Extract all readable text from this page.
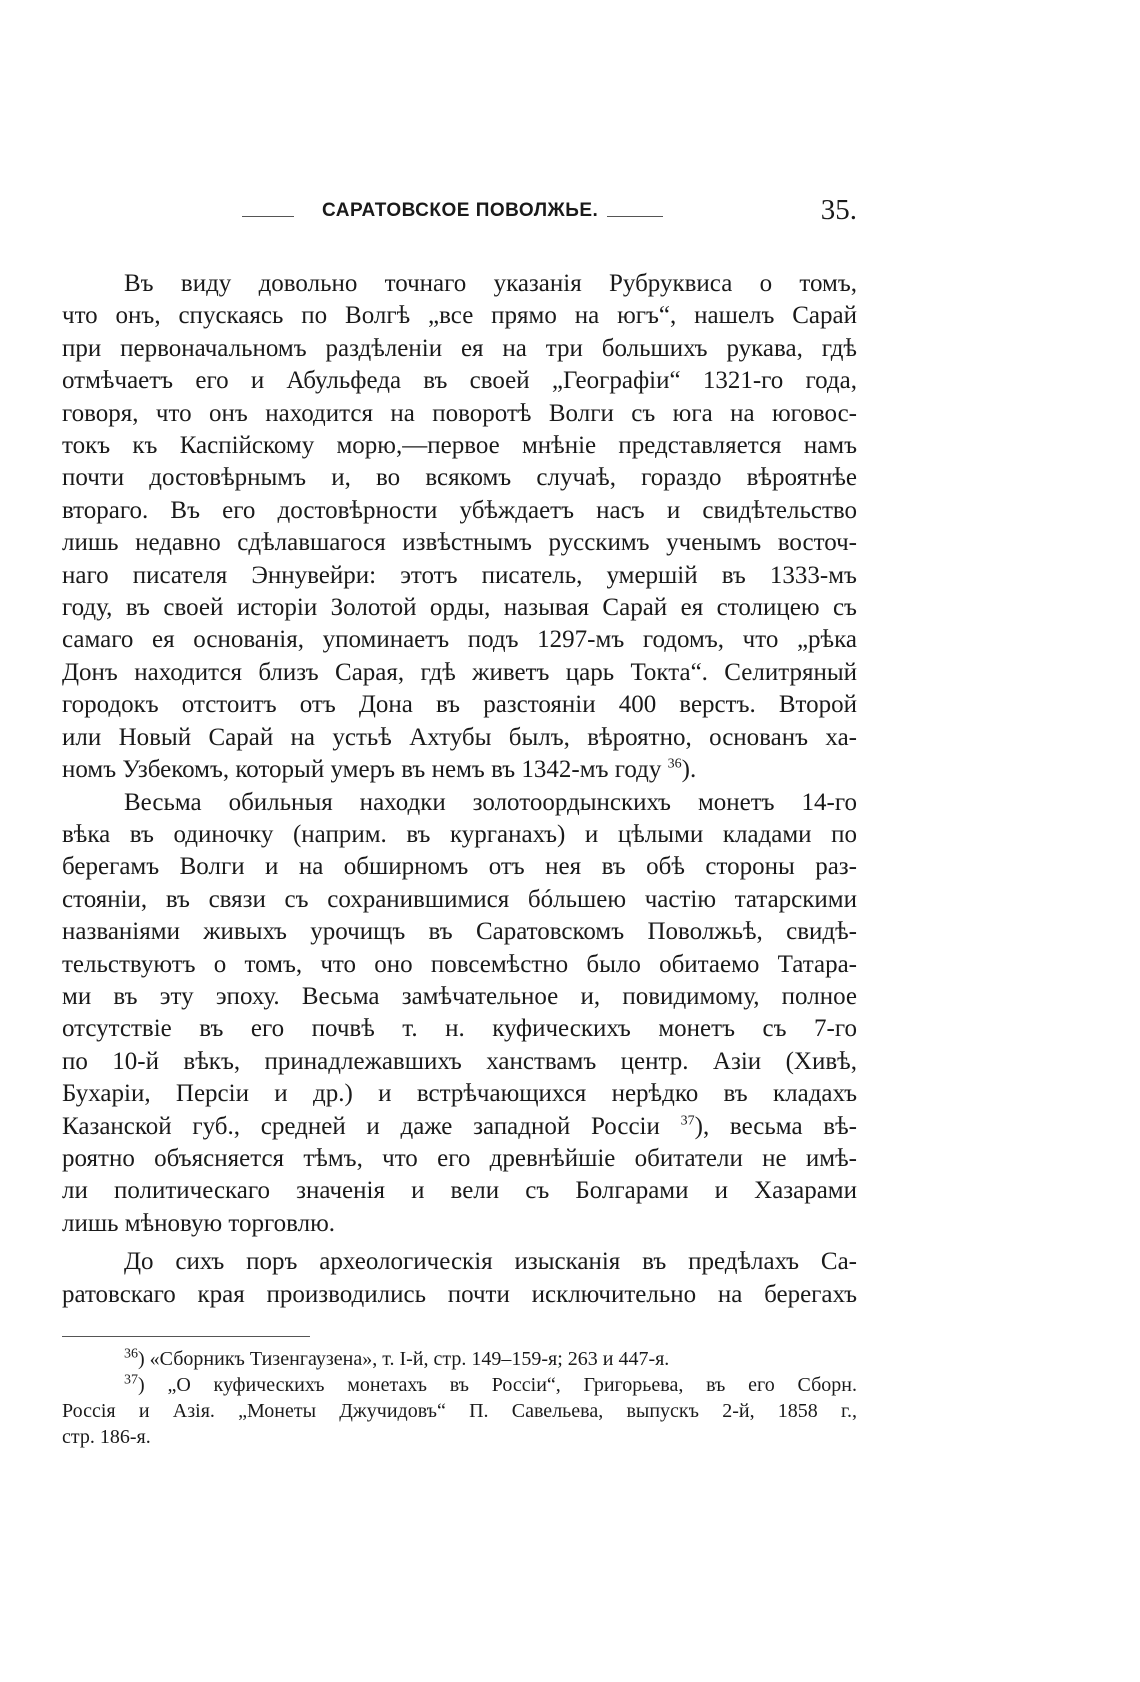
САРАТОВСКОЕ ПОВОЛЖЬЕ.	35.
Въ виду довольно точнаго указанія Рубруквиса о томъ,
что онъ, спускаясь по Волгѣ „все прямо на югъ“, нашелъ Сарай
при первоначальномъ раздѣленіи ея на три большихъ рукава, гдѣ
отмѣчаетъ его и Абульфеда въ своей „Географіи“ 1321-го года,
говоря, что онъ находится на поворотѣ Волги съ юга на юговос-
токъ къ Каспійскому морю,—первое мнѣніе представляется намъ
почти достовѣрнымъ и, во всякомъ случаѣ, гораздо вѣроятнѣе
втораго. Въ его достовѣрности убѣждаетъ насъ и свидѣтельство
лишь недавно сдѣлавшагося извѣстнымъ русскимъ ученымъ восточ-
наго писателя Эннувейри: этотъ писатель, умершій въ 1333-мъ
году, въ своей исторіи Золотой орды, называя Сарай ея столицею съ
самаго ея основанія, упоминаетъ подъ 1297-мъ годомъ, что „рѣка
Донъ находится близъ Сарая, гдѣ живетъ царь Токта“. Селитряный
городокъ отстоитъ отъ Дона въ разстояніи 400 верстъ. Второй
или Новый Сарай на устьѣ Ахтубы былъ, вѣроятно, основанъ ха-
номъ Узбекомъ, который умеръ въ немъ въ 1342-мъ году $^{36}$).
Весьма обильныя находки золотоордынскихъ монетъ 14-го
вѣка въ одиночку (наприм. въ курганахъ) и цѣлыми кладами по
берегамъ Волги и на обширномъ отъ нея въ обѣ стороны раз-
стояніи, въ связи съ сохранившимися бóльшею частію татарскими
названіями живыхъ урочищъ въ Саратовскомъ Поволжьѣ, свидѣ-
тельствуютъ о томъ, что оно повсемѣстно было обитаемо Татара-
ми въ эту эпоху. Весьма замѣчательное и, повидимому, полное
отсутствіе въ его почвѣ т. н. куфическихъ монетъ съ 7-го
по 10-й вѣкъ, принадлежавшихъ ханствамъ центр. Азіи (Хивѣ,
Бухаріи, Персіи и др.) и встрѣчающихся нерѣдко въ кладахъ
Казанской губ., средней и даже западной Россіи $^{37}$), весьма вѣ-
роятно объясняется тѣмъ, что его древнѣйшіе обитатели не имѣ-
ли политическаго значенія и вели съ Болгарами и Хазарами
лишь мѣновую торговлю.
До сихъ поръ археологическія изысканія въ предѣлахъ Са-
ратовскаго края производились почти исключительно на берегахъ
$^{36}$) «Сборникъ Тизенгаузена», т. І-й, стр. 149–159-я; 263 и 447-я.
$^{37}$) „О куфическихъ монетахъ въ Россіи“, Григорьева, въ его Сборн.
Россія и Азія. „Монеты Джучидовъ“ П. Савельева, выпускъ 2-й, 1858 г.,
стр. 186-я.
